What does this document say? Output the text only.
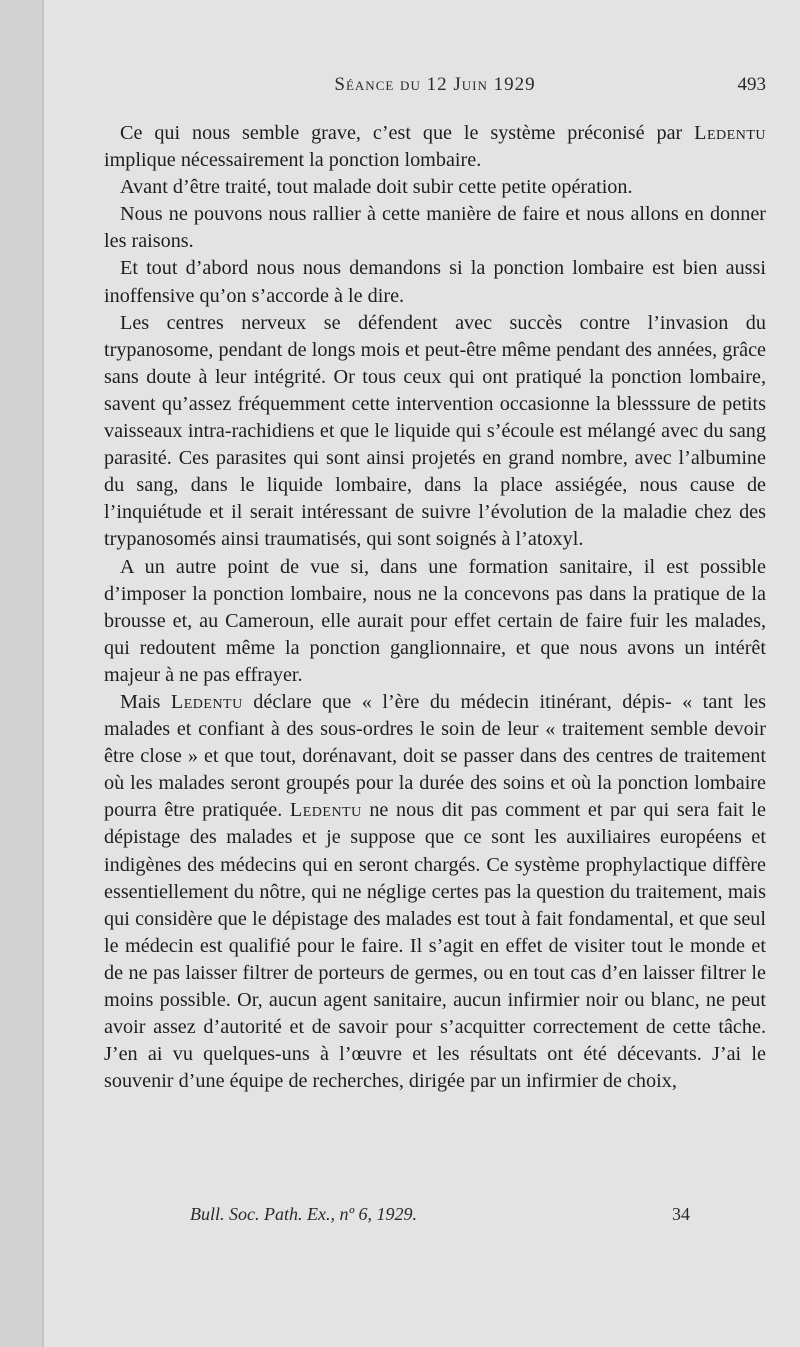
Séance du 12 Juin 1929	493

Ce qui nous semble grave, c’est que le système préconisé par Ledentu implique nécessairement la ponction lombaire.

Avant d’être traité, tout malade doit subir cette petite opération.

Nous ne pouvons nous rallier à cette manière de faire et nous allons en donner les raisons.

Et tout d’abord nous nous demandons si la ponction lombaire est bien aussi inoffensive qu’on s’accorde à le dire.

Les centres nerveux se défendent avec succès contre l’invasion du trypanosome, pendant de longs mois et peut-être même pendant des années, grâce sans doute à leur intégrité. Or tous ceux qui ont pratiqué la ponction lombaire, savent qu’assez fréquemment cette intervention occasionne la blesssure de petits vaisseaux intra-rachidiens et que le liquide qui s’écoule est mélangé avec du sang parasité. Ces parasites qui sont ainsi projetés en grand nombre, avec l’albumine du sang, dans le liquide lombaire, dans la place assiégée, nous cause de l’inquiétude et il serait intéressant de suivre l’évolution de la maladie chez des trypanosomés ainsi traumatisés, qui sont soignés à l’atoxyl.

A un autre point de vue si, dans une formation sanitaire, il est possible d’imposer la ponction lombaire, nous ne la concevons pas dans la pratique de la brousse et, au Cameroun, elle aurait pour effet certain de faire fuir les malades, qui redoutent même la ponction ganglionnaire, et que nous avons un intérêt majeur à ne pas effrayer.

Mais Ledentu déclare que « l’ère du médecin itinérant, dépis- « tant les malades et confiant à des sous-ordres le soin de leur « traitement semble devoir être close » et que tout, dorénavant, doit se passer dans des centres de traitement où les malades seront groupés pour la durée des soins et où la ponction lombaire pourra être pratiquée. Ledentu ne nous dit pas comment et par qui sera fait le dépistage des malades et je suppose que ce sont les auxiliaires européens et indigènes des médecins qui en seront chargés. Ce système prophylactique diffère essentiellement du nôtre, qui ne néglige certes pas la question du traitement, mais qui considère que le dépistage des malades est tout à fait fondamental, et que seul le médecin est qualifié pour le faire. Il s’agit en effet de visiter tout le monde et de ne pas laisser filtrer de porteurs de germes, ou en tout cas d’en laisser filtrer le moins possible. Or, aucun agent sanitaire, aucun infirmier noir ou blanc, ne peut avoir assez d’autorité et de savoir pour s’acquitter correctement de cette tâche. J’en ai vu quelques-uns à l’œuvre et les résultats ont été décevants. J’ai le souvenir d’une équipe de recherches, dirigée par un infirmier de choix,

Bull. Soc. Path. Ex., nº 6, 1929.	34
